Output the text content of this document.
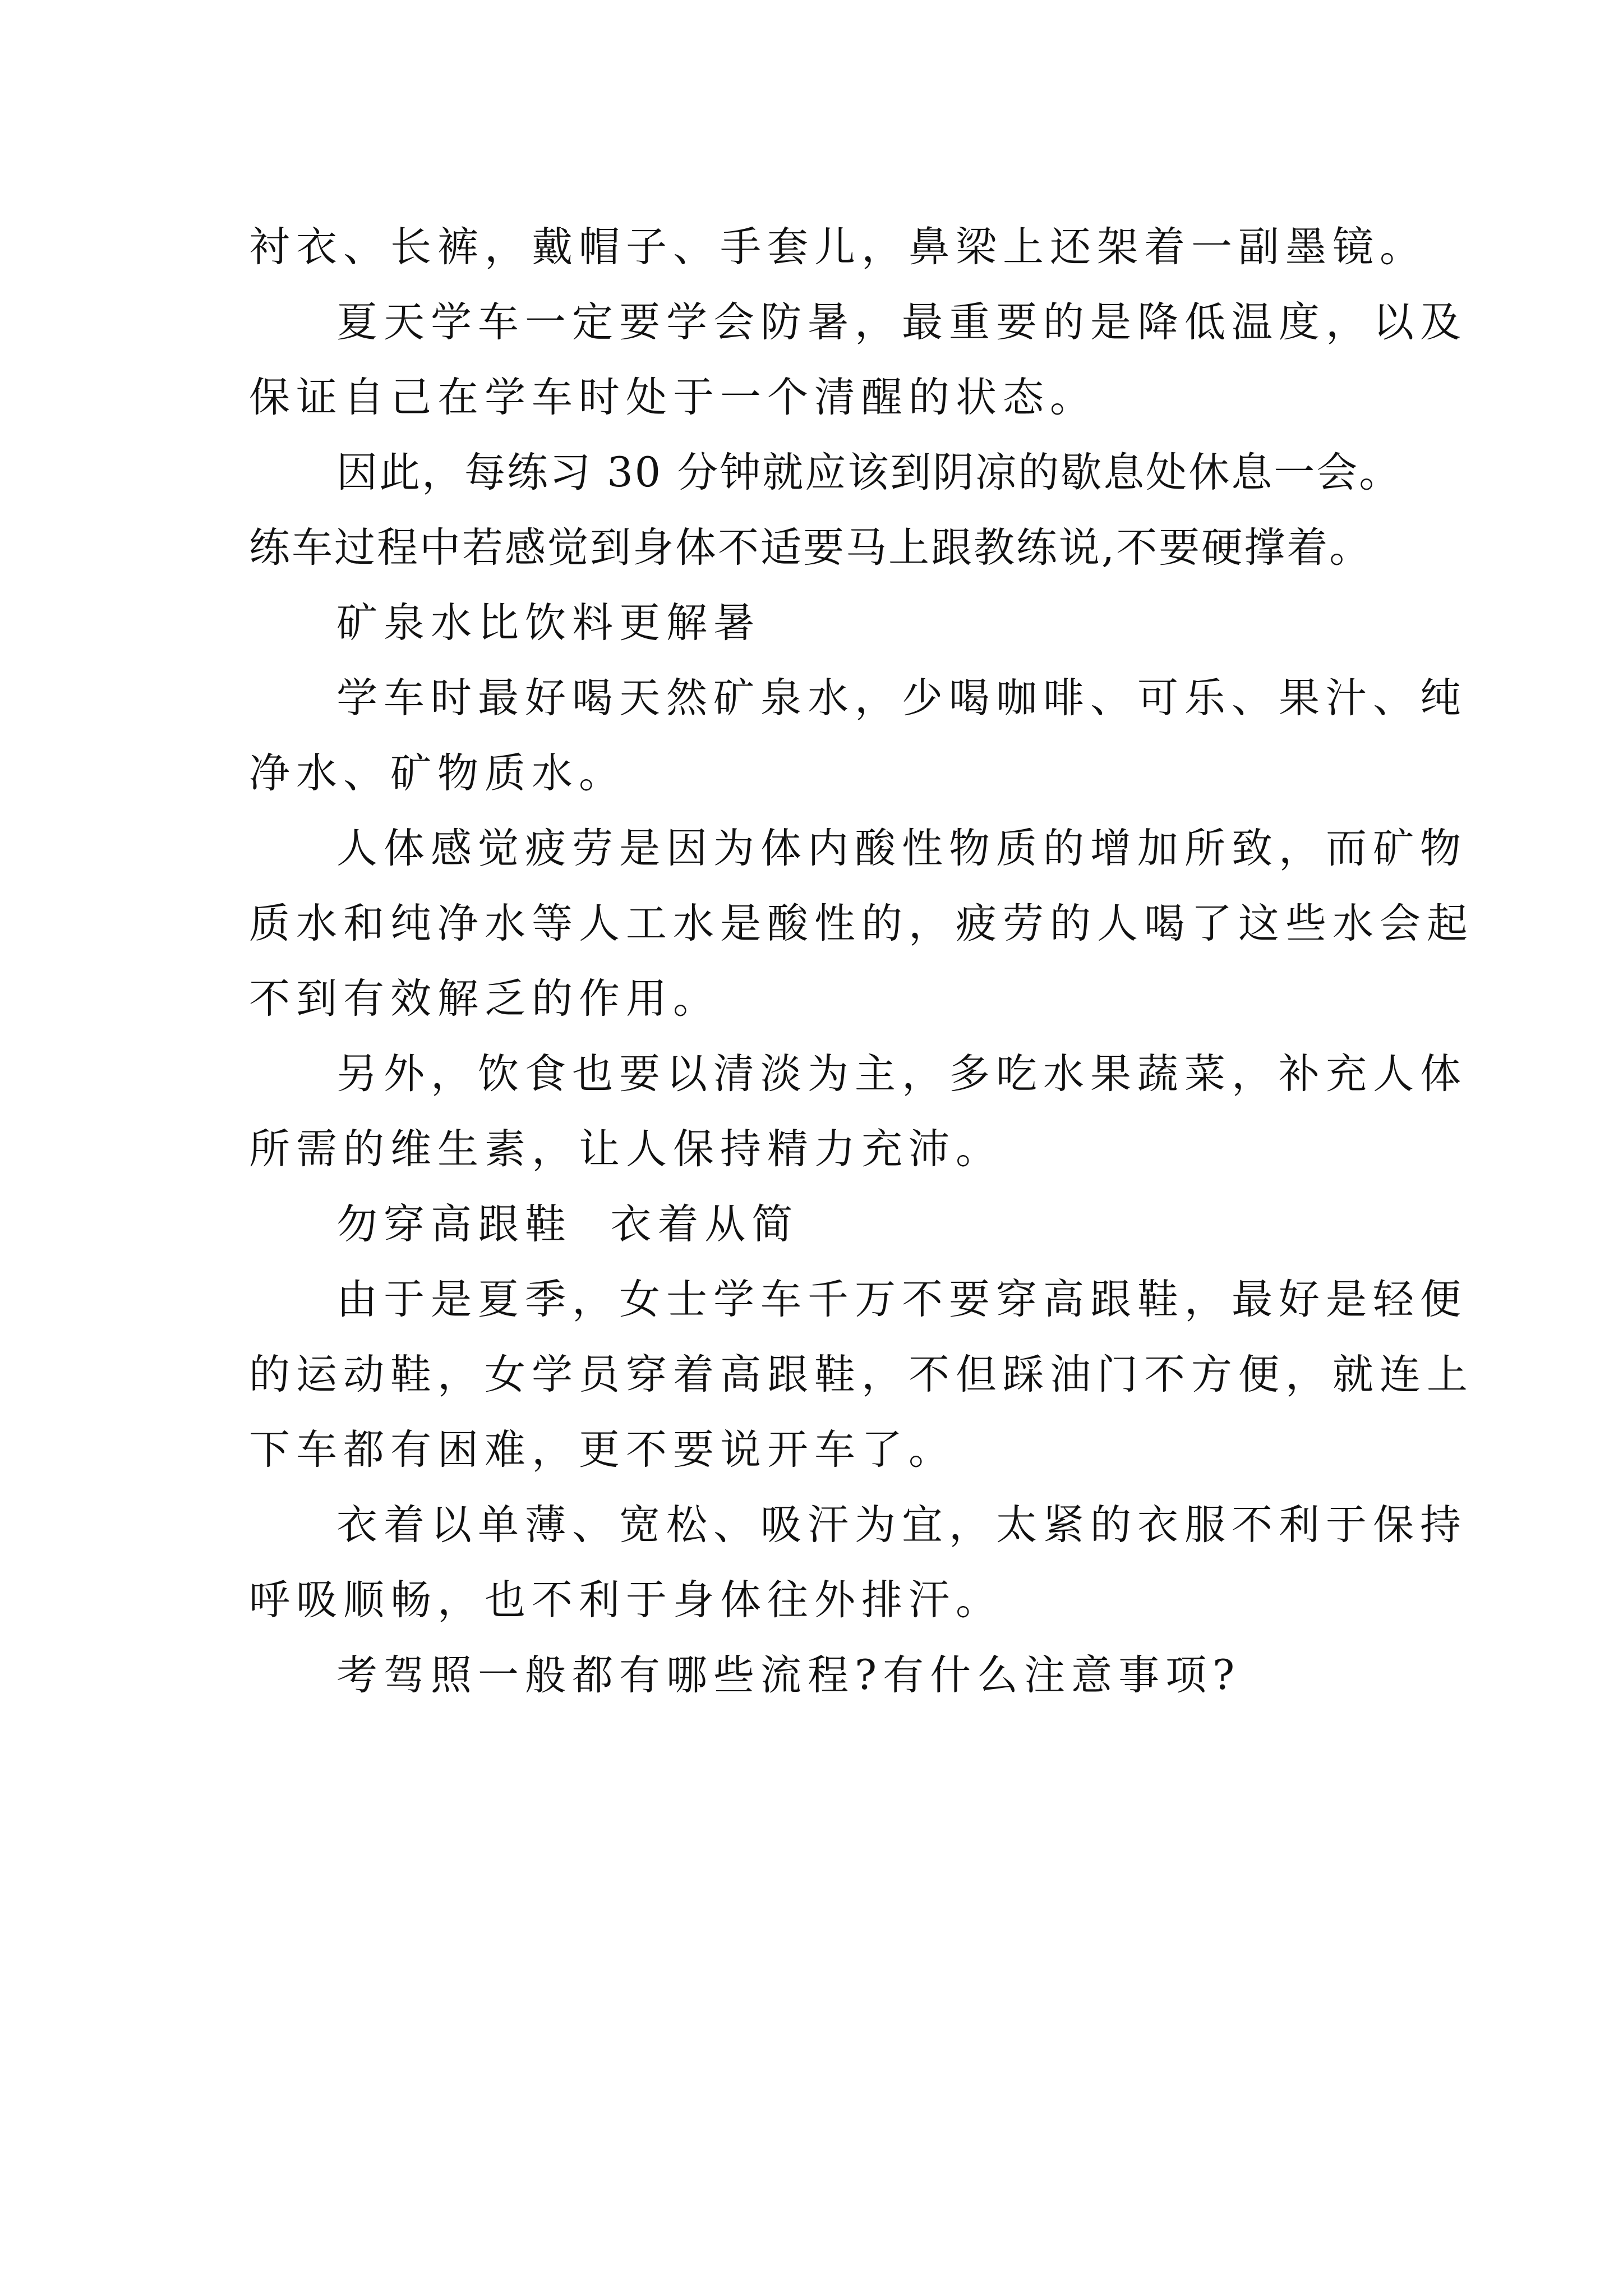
衬衣、长裤，戴帽子、手套儿，鼻梁上还架着一副墨镜。
夏天学车一定要学会防暑，最重要的是降低温度，以及
保证自己在学车时处于一个清醒的状态。
因此，每练习 30 分钟就应该到阴凉的歇息处休息一会。
练车过程中若感觉到身体不适要马上跟教练说,不要硬撑着。
矿泉水比饮料更解暑
学车时最好喝天然矿泉水，少喝咖啡、可乐、果汁、纯
净水、矿物质水。
人体感觉疲劳是因为体内酸性物质的增加所致，而矿物
质水和纯净水等人工水是酸性的，疲劳的人喝了这些水会起
不到有效解乏的作用。
另外，饮食也要以清淡为主，多吃水果蔬菜，补充人体
所需的维生素，让人保持精力充沛。
勿穿高跟鞋  衣着从简
由于是夏季，女士学车千万不要穿高跟鞋，最好是轻便
的运动鞋，女学员穿着高跟鞋，不但踩油门不方便，就连上
下车都有困难，更不要说开车了。
衣着以单薄、宽松、吸汗为宜，太紧的衣服不利于保持
呼吸顺畅，也不利于身体往外排汗。
考驾照一般都有哪些流程?有什么注意事项?
